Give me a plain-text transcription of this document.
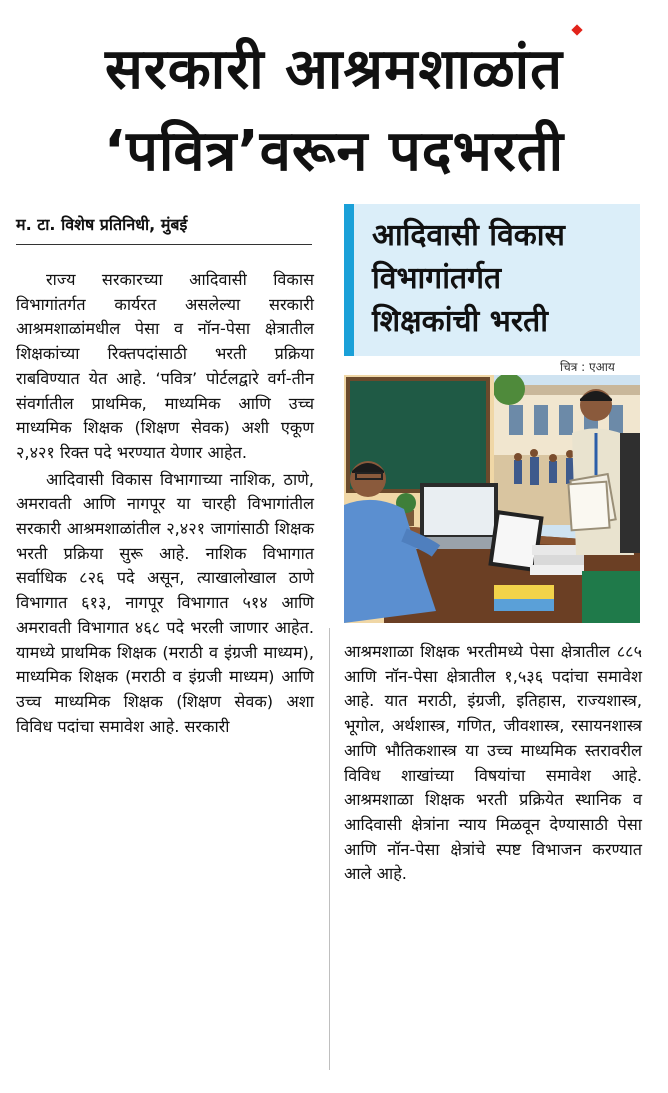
सरकारी आश्रमशाळांत
‘पवित्र’वरून पदभरती
म. टा. विशेष प्रतिनिधी, मुंबई

राज्य सरकारच्या आदिवासी विकास विभागांतर्गत कार्यरत असलेल्या सरकारी आश्रमशाळांमधील पेसा व नॉन-पेसा क्षेत्रातील शिक्षकांच्या रिक्तपदांसाठी भरती प्रक्रिया राबविण्यात येत आहे. ‘पवित्र’ पोर्टलद्वारे वर्ग-तीन संवर्गातील प्राथमिक, माध्यमिक आणि उच्च माध्यमिक शिक्षक (शिक्षण सेवक) अशी एकूण २,४२१ रिक्त पदे भरण्यात येणार आहेत.

आदिवासी विकास विभागाच्या नाशिक, ठाणे, अमरावती आणि नागपूर या चारही विभागांतील सरकारी आश्रमशाळांतील २,४२१ जागांसाठी शिक्षक भरती प्रक्रिया सुरू आहे. नाशिक विभागात सर्वाधिक ८२६ पदे असून, त्याखालोखाल ठाणे विभागात ६१३, नागपूर विभागात ५१४ आणि अमरावती विभागात ४६८ पदे भरली जाणार आहेत. यामध्ये प्राथमिक शिक्षक (मराठी व इंग्रजी माध्यम), माध्यमिक शिक्षक (मराठी व इंग्रजी माध्यम) आणि उच्च माध्यमिक शिक्षक (शिक्षण सेवक) अशा विविध पदांचा समावेश आहे. सरकारी

आदिवासी विकास
विभागांतर्गत
शिक्षकांची भरती
चित्र : एआय

आश्रमशाळा शिक्षक भरतीमध्ये पेसा क्षेत्रातील ८८५ आणि नॉन-पेसा क्षेत्रातील १,५३६ पदांचा समावेश आहे. यात मराठी, इंग्रजी, इतिहास, राज्यशास्त्र, भूगोल, अर्थशास्त्र, गणित, जीवशास्त्र, रसायनशास्त्र आणि भौतिकशास्त्र या उच्च माध्यमिक स्तरावरील विविध शाखांच्या विषयांचा समावेश आहे. आश्रमशाळा शिक्षक भरती प्रक्रियेत स्थानिक व आदिवासी क्षेत्रांना न्याय मिळवून देण्यासाठी पेसा आणि नॉन-पेसा क्षेत्रांचे स्पष्ट विभाजन करण्यात आले आहे.
